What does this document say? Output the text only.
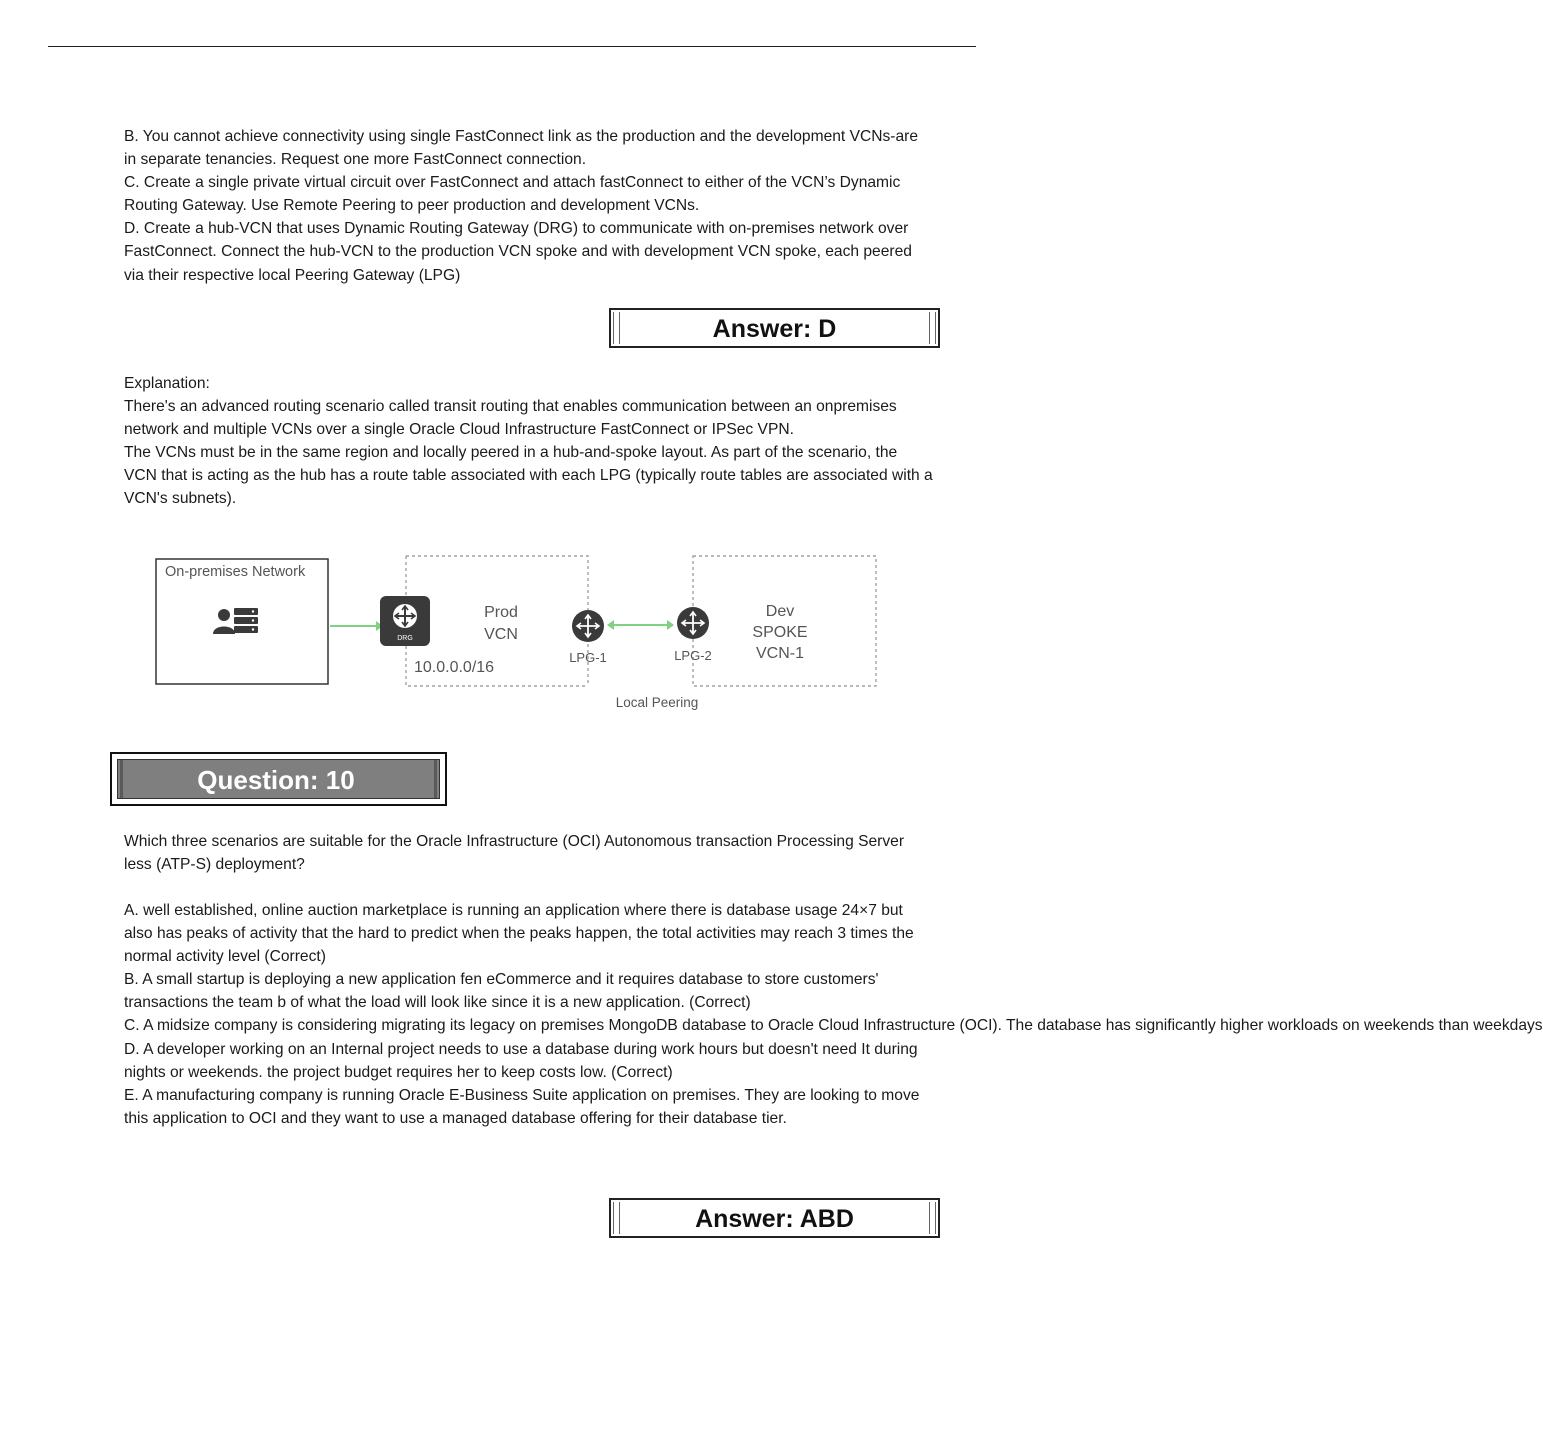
B. You cannot achieve connectivity using single FastConnect link as the production and the development VCNs-are in separate tenancies. Request one more FastConnect connection.

C. Create a single private virtual circuit over FastConnect and attach fastConnect to either of the VCN’s Dynamic Routing Gateway. Use Remote Peering to peer production and development VCNs.

D. Create a hub-VCN that uses Dynamic Routing Gateway (DRG) to communicate with on-premises network over FastConnect. Connect the hub-VCN to the production VCN spoke and with development VCN spoke, each peered via their respective local Peering Gateway (LPG)

Answer: D

Explanation:

There's an advanced routing scenario called transit routing that enables communication between an onpremises network and multiple VCNs over a single Oracle Cloud Infrastructure FastConnect or IPSec VPN.

The VCNs must be in the same region and locally peered in a hub-and-spoke layout. As part of the scenario, the VCN that is acting as the hub has a route table associated with each LPG (typically route tables are associated with a VCN's subnets).

On-premises Network
DRG
Prod
VCN
10.0.0.0/16
LPG-1	LPG-2
Dev
SPOKE
VCN-1
Local Peering
Question: 10

Which three scenarios are suitable for the Oracle Infrastructure (OCI) Autonomous transaction Processing Server less (ATP-S) deployment?

A. well established, online auction marketplace is running an application where there is database usage 24×7 but also has peaks of activity that the hard to predict when the peaks happen, the total activities may reach 3 times the normal activity level (Correct)

B. A small startup is deploying a new application fen eCommerce and it requires database to store customers' transactions the team b of what the load will look like since it is a new application. (Correct)

C. A midsize company is considering migrating its legacy on premises MongoDB database to Oracle Cloud Infrastructure (OCI). The database has significantly higher workloads on weekends than weekdays

D. A developer working on an Internal project needs to use a database during work hours but doesn't need It during nights or weekends. the project budget requires her to keep costs low. (Correct)

E. A manufacturing company is running Oracle E-Business Suite application on premises. They are looking to move this application to OCI and they want to use a managed database offering for their database tier.

Answer: ABD
